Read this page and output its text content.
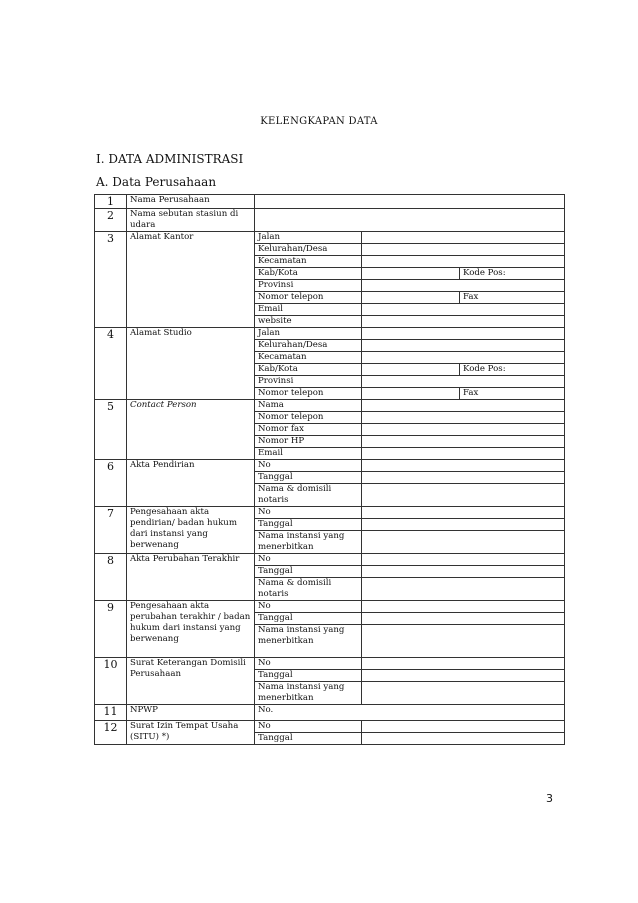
KELENGKAPAN DATA
I. DATA ADMINISTRASI
A. Data Perusahaan
1	Nama Perusahaan			
2	Nama sebutan stasiun di udara			
3	Alamat Kantor	Jalan		
		Kelurahan/Desa		
		Kecamatan		
		Kab/Kota		Kode Pos:
		Provinsi		
		Nomor telepon		Fax
		Email		
		website		
4	Alamat Studio	Jalan		
		Kelurahan/Desa		
		Kecamatan		
		Kab/Kota		Kode Pos:
		Provinsi		
		Nomor telepon		Fax
5	Contact Person	Nama		
		Nomor telepon		
		Nomor fax		
		Nomor HP		
		Email		
6	Akta Pendirian	No		
		Tanggal		
		Nama & domisili notaris		
7	Pengesahaan akta pendirian/ badan hukum dari instansi yang berwenang	No		
		Tanggal		
		Nama instansi yang menerbitkan		
8	Akta Perubahan Terakhir	No		
		Tanggal		
		Nama & domisili notaris		
9	Pengesahaan akta perubahan terakhir / badan hukum dari instansi yang berwenang	No		
		Tanggal		
		Nama instansi yang menerbitkan		
10	Surat Keterangan Domisili Perusahaan	No		
		Tanggal		
		Nama instansi yang menerbitkan		
11	NPWP	No.		
12	Surat Izin Tempat Usaha (SITU) *)	No		
		Tanggal		
3
